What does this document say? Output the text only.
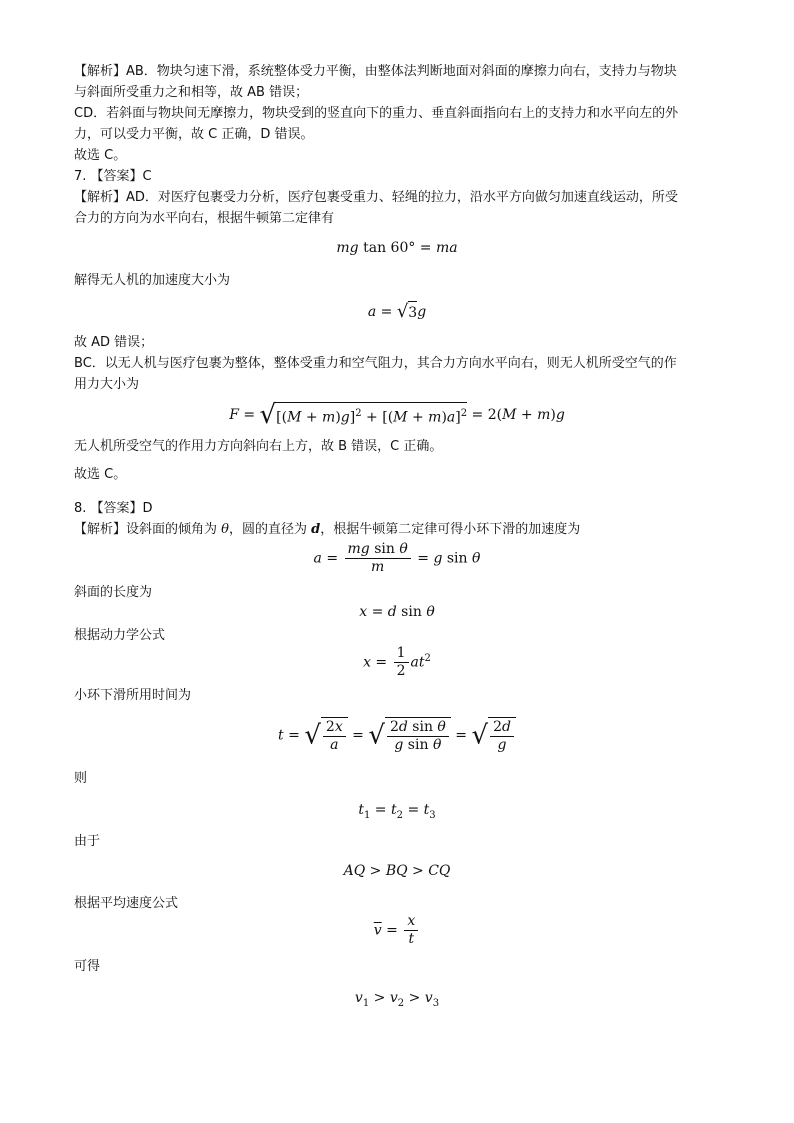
【解析】AB．物块匀速下滑，系统整体受力平衡，由整体法判断地面对斜面的摩擦力向右，支持力与物块
与斜面所受重力之和相等，故 AB 错误；
CD．若斜面与物块间无摩擦力，物块受到的竖直向下的重力、垂直斜面指向右上的支持力和水平向左的外
力，可以受力平衡，故 C 正确，D 错误。
故选 C。
7. 【答案】C
【解析】AD．对医疗包裹受力分析，医疗包裹受重力、轻绳的拉力，沿水平方向做匀加速直线运动，所受
合力的方向为水平向右，根据牛顿第二定律有
mg tan 60° = ma
解得无人机的加速度大小为
a = √3g
故 AD 错误；
BC．以无人机与医疗包裹为整体，整体受重力和空气阻力，其合力方向水平向右，则无人机所受空气的作
用力大小为
$F = √[(M + m)g]^2 + [(M + m)a]^2 = 2(M + m)g$
无人机所受空气的作用力方向斜向右上方，故 B 错误，C 正确。
故选 C。
8. 【答案】D
【解析】设斜面的倾角为 θ，圆的直径为 d，根据牛顿第二定律可得小环下滑的加速度为
$a = \frac{\text{mg sin θ}}{m} = g$ sin θ
斜面的长度为
x = d sin θ
根据动力学公式
$x = \frac{1}{2} at^2$
小环下滑所用时间为
t = √ $\frac{2x}{a}$ = √ $\frac{\text{2d sin θ}}{\text{g sin θ}}$ = √ $\frac{2d}{g}$
则
$t_1 = t_2 = t_3$
由于
AQ > BQ > CQ
根据平均速度公式
$\overline{v} = \frac{x}{t}$
可得
$v_1 > v_2 > v_3$
